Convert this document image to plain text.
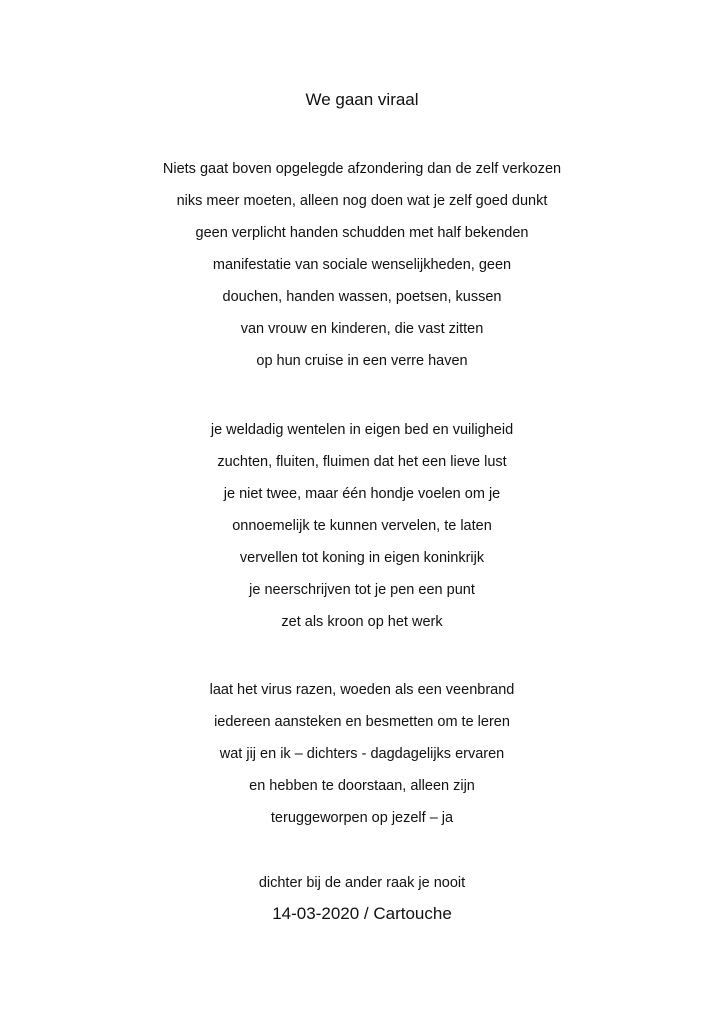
We gaan viraal
Niets gaat boven opgelegde afzondering dan de zelf verkozen
niks meer moeten, alleen nog doen wat je zelf goed dunkt
geen verplicht handen schudden met half bekenden
manifestatie van sociale wenselijkheden, geen
douchen, handen wassen, poetsen, kussen
van vrouw en kinderen, die vast zitten
op hun cruise in een verre haven
je weldadig wentelen in eigen bed en vuiligheid
zuchten, fluiten, fluimen dat het een lieve lust
je niet twee, maar één hondje voelen om je
onnoemelijk te kunnen vervelen, te laten
vervellen tot koning in eigen koninkrijk
je neerschrijven tot je pen een punt
zet als kroon op het werk
laat het virus razen, woeden als een veenbrand
iedereen aansteken en besmetten om te leren
wat jij en ik – dichters - dagdagelijks ervaren
en hebben te doorstaan, alleen zijn
teruggeworpen op jezelf – ja
dichter bij de ander raak je nooit
14-03-2020 / Cartouche
